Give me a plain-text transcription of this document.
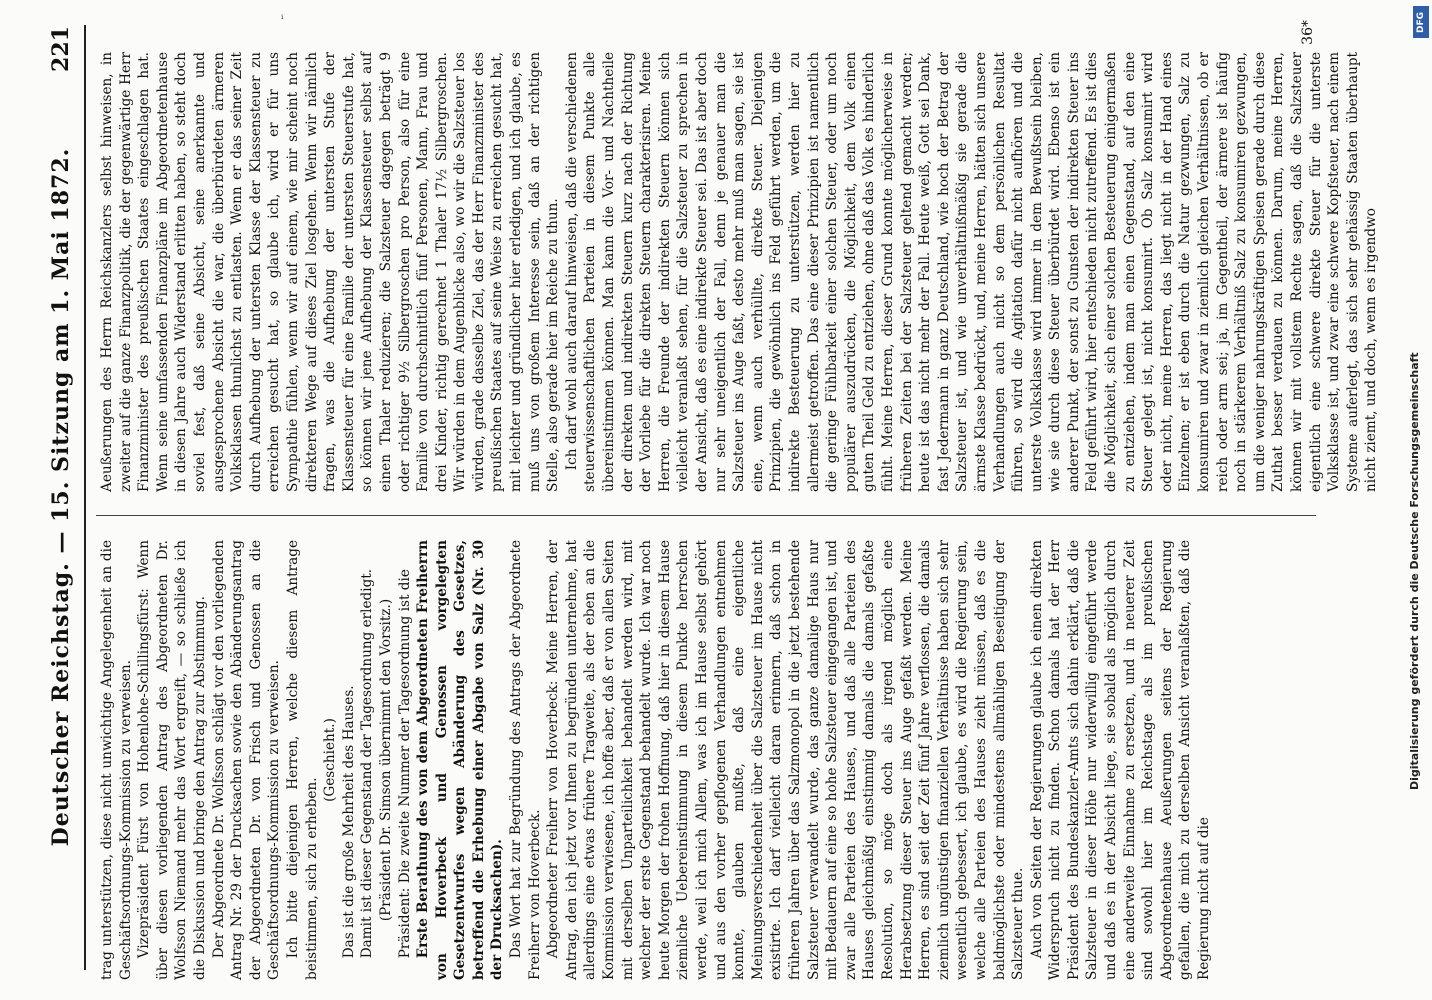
ⁱ
Deutscher Reichstag. — 15. Sitzung am 1. Mai 1872.
221

trag unterstützen, diese nicht unwichtige Angelegenheit an die Geschäftsordnungs-Kommission zu verweisen. Vizepräsident Fürst von Hohenlohe-Schillingsfürst: Wenn über diesen vorliegenden Antrag des Abgeordneten Dr. Wolfsson Niemand mehr das Wort ergreift, — so schließe ich die Diskussion und bringe den Antrag zur Abstimmung. Der Abgeordnete Dr. Wolfsson schlägt vor den vorliegenden Antrag Nr. 29 der Drucksachen sowie den Abänderungsantrag der Abgeordneten Dr. von Frisch und Genossen an die Geschäftsordnungs-Kommission zu verweisen. Ich bitte diejenigen Herren, welche diesem Antrage beistimmen, sich zu erheben.

(Geschieht.) Das ist die große Mehrheit des Hauses. Damit ist dieser Gegenstand der Tagesordnung erledigt. (Präsident Dr. Simson übernimmt den Vorsitz.) Präsident: Die zweite Nummer der Tagesordnung ist die Erste Berathung des von dem Abgeordneten Freiherrn von Hoverbeck und Genossen vorgelegten Gesetzentwurfes wegen Abänderung des Gesetzes, betreffend die Erhebung einer Abgabe von Salz (Nr. 30 der Drucksachen). Das Wort hat zur Begründung des Antrags der Abgeordnete Freiherr von Hoverbeck. Abgeordneter Freiherr von Hoverbeck: Meine Herren, der Antrag, den ich jetzt vor Ihnen zu begründen unternehme, hat allerdings eine etwas frühere Tragweite, als der eben an die Kommission verwiesene, ich hoffe aber, daß er von allen Seiten mit derselben Unparteilichkeit behandelt werden wird, mit welcher der erste Gegenstand behandelt wurde. Ich war noch heute Morgen der frohen Hoffnung, daß hier in diesem Hause ziemliche Uebereinstimmung in diesem Punkte herrschen werde, weil ich mich Allem, was ich im Hause selbst gehört und aus den vorher gepflogenen Verhandlungen entnehmen konnte, glauben mußte, daß eine eigentliche Meinungsverschiedenheit über die Salzsteuer im Hause nicht existirte. Ich darf vielleicht daran erinnern, daß schon in früheren Jahren über das Salzmonopol in die jetzt bestehende Salzsteuer verwandelt wurde, das ganze damalige Haus nur mit Bedauern auf eine so hohe Salzsteuer eingegangen ist, und zwar alle Parteien des Hauses, und daß alle Parteien des Hauses gleichmäßig einstimmig damals die damals gefaßte Resolution, so möge doch als irgend möglich eine Herabsetzung dieser Steuer ins Auge gefaßt werden. Meine Herren, es sind seit der Zeit fünf Jahre verflossen, die damals ziemlich ungünstigen finanziellen Verhältnisse haben sich sehr wesentlich gebessert, ich glaube, es wird die Regierung sein, welche alle Parteien des Hauses zieht müssen, daß es die baldmöglichste oder mindestens allmähligen Beseitigung der Salzsteuer thue. Auch von Seiten der Regierungen glaube ich einen direkten Widerspruch nicht zu finden. Schon damals hat der Herr Präsident des Bundeskanzler-Amts sich dahin erklärt, daß die Salzsteuer in dieser Höhe nur widerwillig eingeführt werde und daß es in der Absicht liege, sie sobald als möglich durch eine anderweite Einnahme zu ersetzen, und in neuerer Zeit sind sowohl hier im Reichstage als im preußischen Abgeordnetenhause Aeußerungen seitens der Regierung gefallen, die mich zu derselben Ansicht veranlaßten, daß die Regierung nicht auf die

Aeußerungen des Herrn Reichskanzlers selbst hinweisen, in zweiter auf die ganze Finanzpolitik, die der gegenwärtige Herr Finanzminister des preußischen Staates eingeschlagen hat. Wenn seine umfassenden Finanzpläne im Abgeordnetenhause in diesen Jahre auch Widerstand erlitten haben, so steht doch soviel fest, daß seine Absicht, seine anerkannte und ausgesprochene Absicht die war, die überbürdeten ärmeren Volksklassen thunlichst zu entlasten. Wenn er das seiner Zeit durch Aufhebung der untersten Klasse der Klassensteuer zu erreichen gesucht hat, so glaube ich, wird er für uns Sympathie fühlen, wenn wir auf einem, wie mir scheint noch direkteren Wege auf dieses Ziel losgehen. Wenn wir nämlich fragen, was die Aufhebung der untersten Stufe der Klassensteuer für eine Familie der untersten Steuerstufe hat, so können wir jene Aufhebung der Klassensteuer selbst auf einen Thaler reduzieren; die Salzsteuer dagegen beträgt 9 oder richtiger 9½ Silbergroschen pro Person, also für eine Familie von durchschnittlich fünf Personen, Mann, Frau und drei Kinder, richtig gerechnet 1 Thaler 17½ Silbergroschen. Wir würden in dem Augenblicke also, wo wir die Salzsteuer los würden, grade dasselbe Ziel, das der Herr Finanzminister des preußischen Staates auf seine Weise zu erreichen gesucht hat, mit leichter und gründlicher hier erledigen, und ich glaube, es muß uns von großem Interesse sein, daß an der richtigen Stelle, also gerade hier im Reiche zu thun. Ich darf wohl auch darauf hinweisen, daß die verschiedenen steuerwissenschaftlichen Parteien in diesem Punkte alle übereinstimmen können. Man kann die Vor- und Nachtheile der direkten und indirekten Steuern kurz nach der Richtung der Vorliebe für die direkten Steuern charakterisiren. Meine Herren, die Freunde der indirekten Steuern können sich vielleicht veranlaßt sehen, für die Salzsteuer zu sprechen in der Ansicht, daß es eine indirekte Steuer sei. Das ist aber doch nur sehr uneigentlich der Fall, denn je genauer man die Salzsteuer ins Auge faßt, desto mehr muß man sagen, sie ist eine, wenn auch verhüllte, direkte Steuer. Diejenigen Prinzipien, die gewöhnlich ins Feld geführt werden, um die indirekte Besteuerung zu unterstützen, werden hier zu allermeist getroffen. Das eine dieser Prinzipien ist namentlich die geringe Fühlbarkeit einer solchen Steuer, oder um noch populärer auszudrücken, die Möglichkeit, dem Volk einen guten Theil Geld zu entziehen, ohne daß das Volk es hinderlich fühlt. Meine Herren, dieser Grund konnte möglicherweise in früheren Zeiten bei der Salzsteuer geltend gemacht werden; heute ist das nicht mehr der Fall. Heute weiß, Gott sei Dank, fast Jedermann in ganz Deutschland, wie hoch der Betrag der Salzsteuer ist, und wie unverhältnißmäßig sie gerade die ärmste Klasse bedrückt, und, meine Herren, hätten sich unsere Verhandlungen auch nicht so dem persönlichen Resultat führen, so wird die Agitation dafür nicht aufhören und die unterste Volksklasse wird immer in dem Bewußtsein bleiben, wie sie durch diese Steuer überbürdet wird. Ebenso ist ein anderer Punkt, der sonst zu Gunsten der indirekten Steuer ins Feld geführt wird, hier entschieden nicht zutreffend. Es ist dies die Möglichkeit, sich einer solchen Besteuerung einigermaßen zu entziehen, indem man einen Gegenstand, auf den eine Steuer gelegt ist, nicht konsumirt. Ob Salz konsumirt wird oder nicht, meine Herren, das liegt nicht in der Hand eines Einzelnen; er ist eben durch die Natur gezwungen, Salz zu konsumiren und zwar in ziemlich gleichen Verhältnissen, ob er reich oder arm sei; ja, im Gegentheil, der ärmere ist häufig noch in stärkerem Verhältniß Salz zu konsumiren gezwungen, um die weniger nahrungskräftigen Speisen gerade durch diese Zuthat besser verdauen zu können. Darum, meine Herren, können wir mit vollstem Rechte sagen, daß die Salzsteuer eigentlich eine schwere direkte Steuer für die unterste Volksklasse ist, und zwar eine schwere Kopfsteuer, nach einem Systeme auferlegt, das sich sehr gehässig Staaten überhaupt nicht ziemt, und doch, wenn es irgendwo

36*	DFG
Digitalisierung gefördert durch die Deutsche Forschungsgemeinschaft
